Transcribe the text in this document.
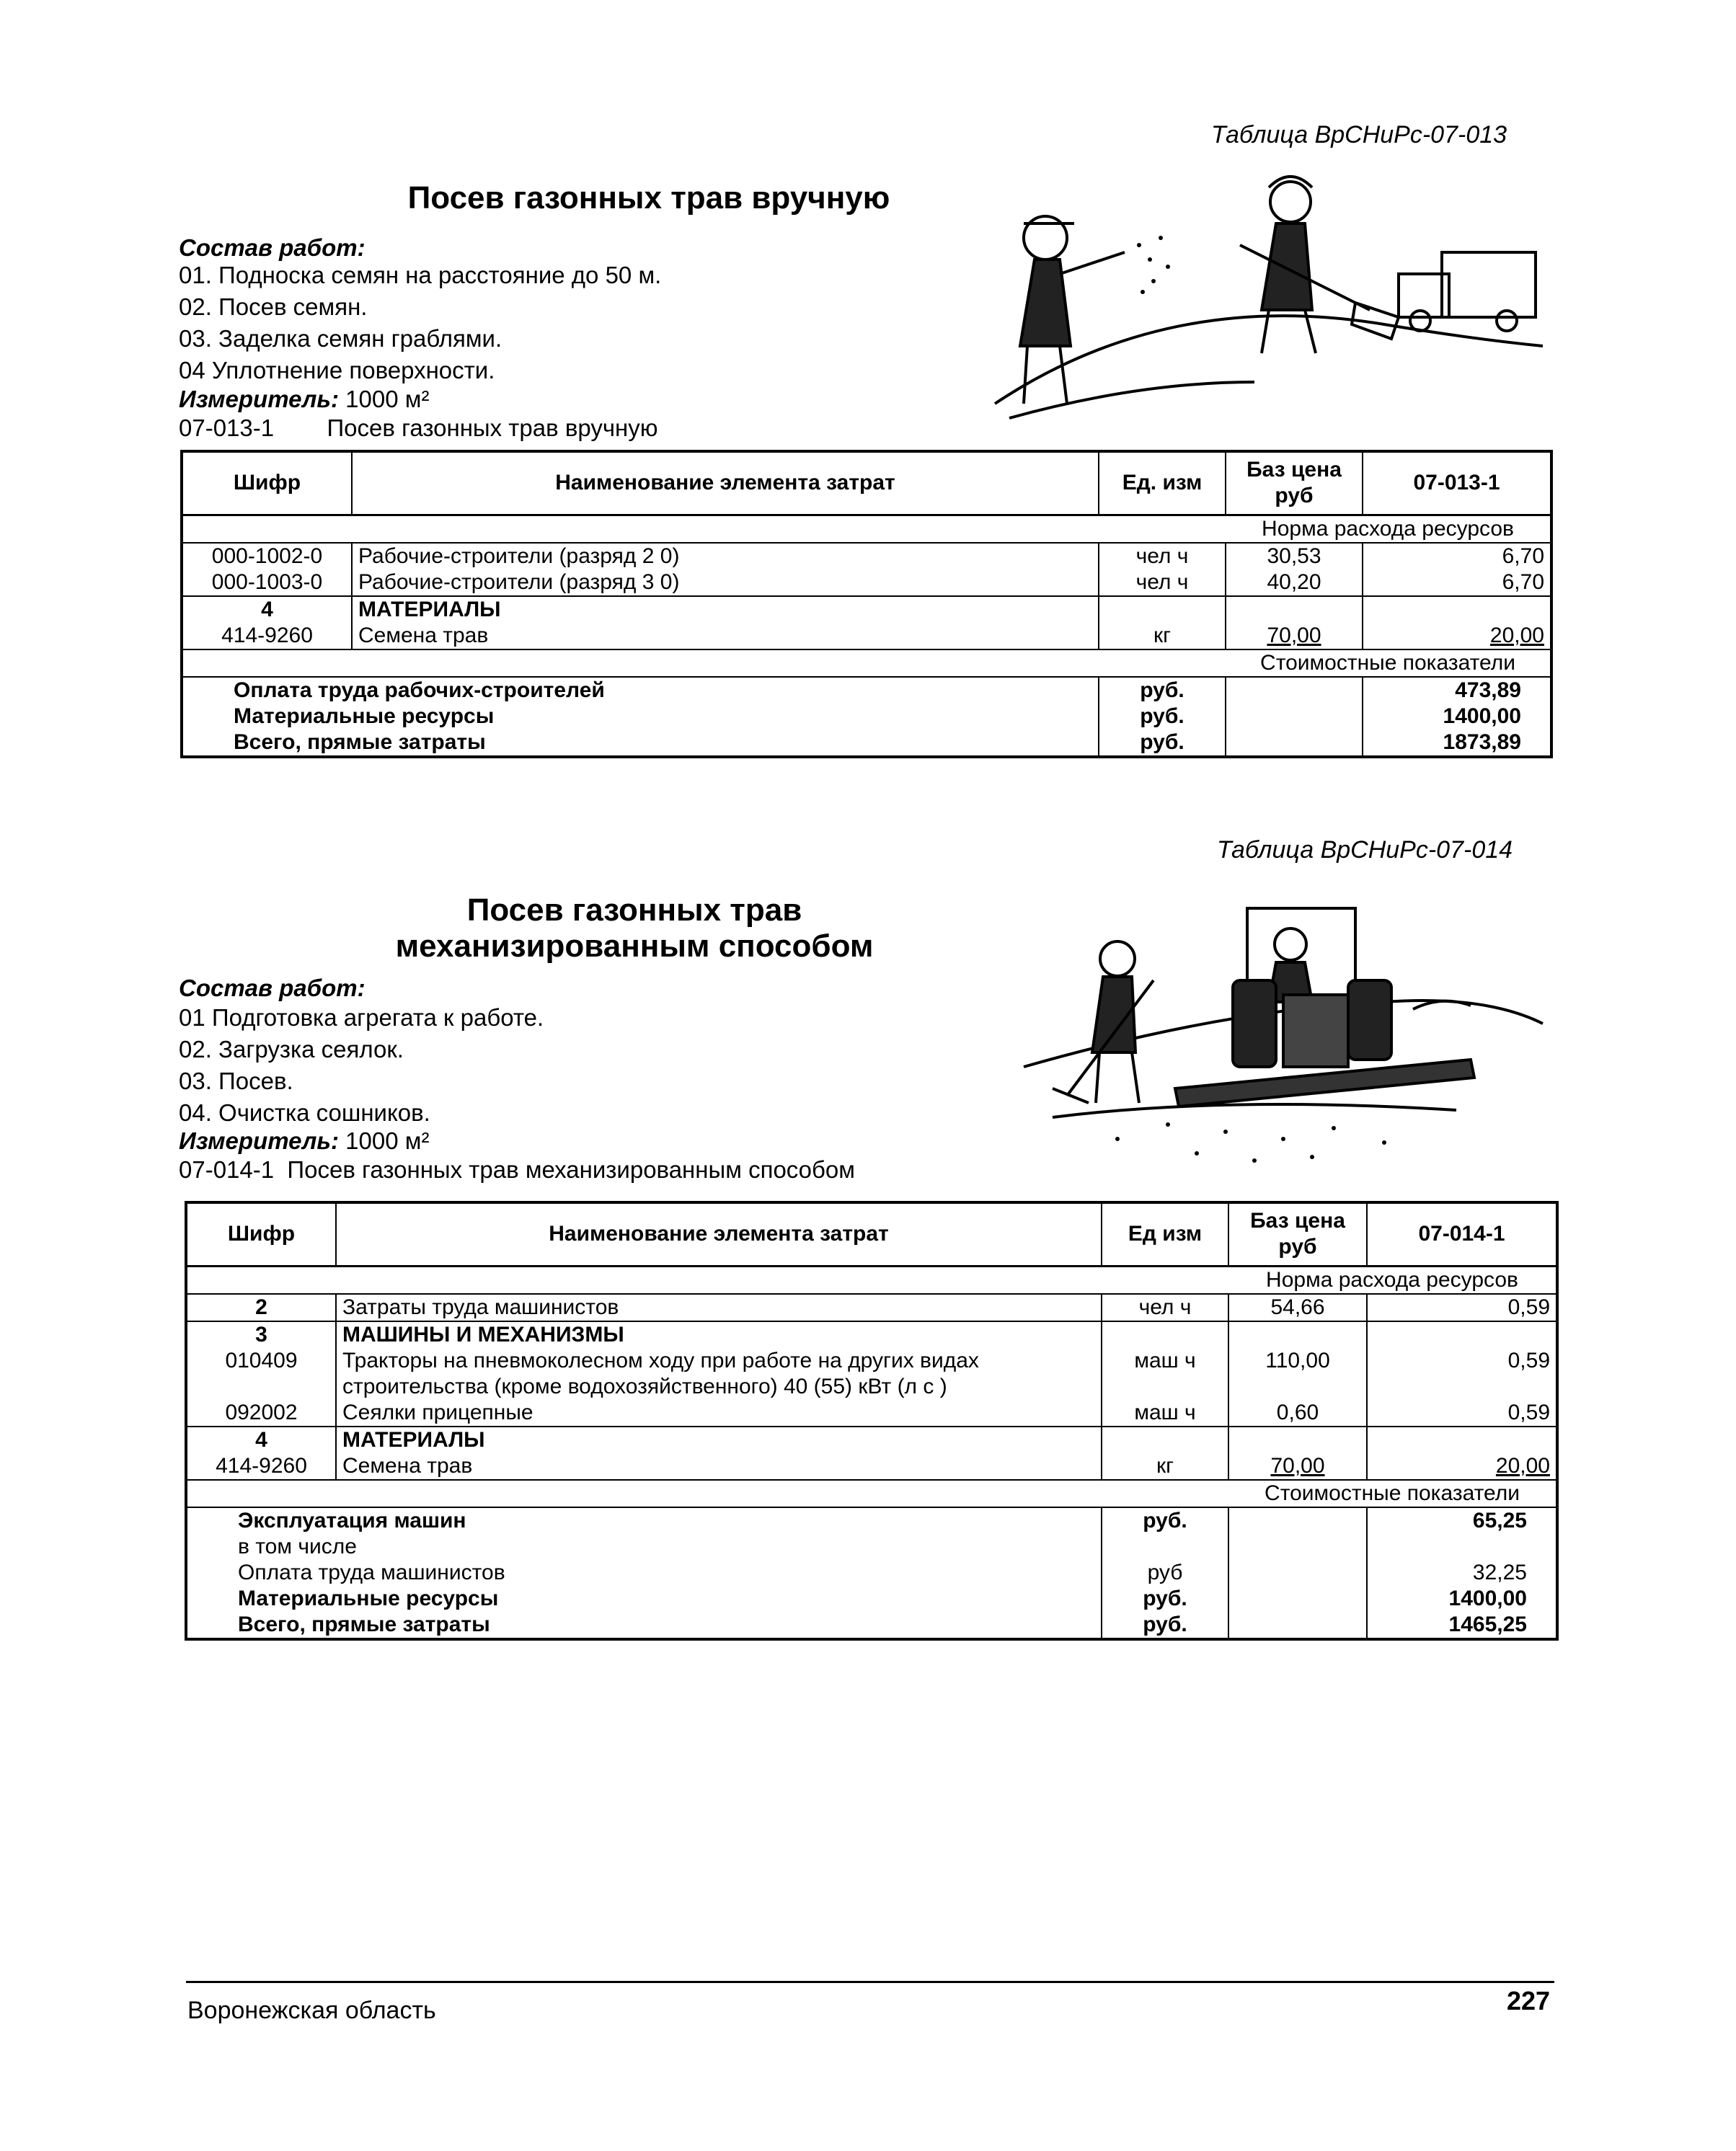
Таблица ВрСНиРс-07-013
Посев газонных трав вручную
Состав работ:
01. Подноска семян на расстояние до 50 м.
02. Посев семян.
03. Заделка семян граблями.
04 Уплотнение поверхности.
Измеритель: 1000 м²
07-013-1        Посев газонных трав вручную
Шифр	Наименование элемента затрат	Ед. изм	Баз цена руб	07-013-1
			Норма расхода ресурсов	
000-1002-0	Рабочие-строители (разряд 2 0)	чел ч	30,53	6,70
000-1003-0	Рабочие-строители (разряд 3 0)	чел ч	40,20	6,70
4	МАТЕРИАЛЫ			
414-9260	Семена трав	кг	70,00	20,00
			Стоимостные показатели	
Оплата труда рабочих-строителей		руб.		473,89
Материальные ресурсы		руб.		1400,00
Всего, прямые затраты		руб.		1873,89
Таблица ВрСНиРс-07-014
Посев газонных трав
механизированным способом
Состав работ:
01 Подготовка агрегата к работе.
02. Загрузка сеялок.
03. Посев.
04. Очистка сошников.
Измеритель: 1000 м²
07-014-1  Посев газонных трав механизированным способом
Шифр	Наименование элемента затрат	Ед изм	Баз цена руб	07-014-1
			Норма расхода ресурсов	
2	Затраты труда машинистов	чел ч	54,66	0,59
3	МАШИНЫ И МЕХАНИЗМЫ			
010409	Тракторы на пневмоколесном ходу при работе на других видах строительства (кроме водохозяйственного) 40 (55) кВт (л с )	маш ч	110,00	0,59
092002	Сеялки прицепные	маш ч	0,60	0,59
4	МАТЕРИАЛЫ			
414-9260	Семена трав	кг	70,00	20,00
			Стоимостные показатели	
Эксплуатация машин		руб.		65,25
в том числе				
Оплата труда машинистов		руб		32,25
Материальные ресурсы		руб.		1400,00
Всего, прямые затраты		руб.		1465,25
Воронежская область	227
